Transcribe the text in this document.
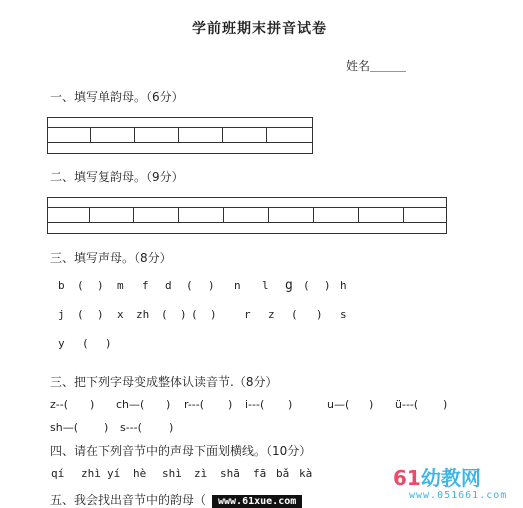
学前班期末拼音试卷
姓名＿＿＿
一、填写单韵母。（6分）
二、填写复韵母。（9分）
三、填写声母。（8分）
b ( ) m f d ( ) n l g ( ) h
j ( ) x zh ( ) ( ) r z ( ) s
y ( )
三、把下列字母变成整体认读音节.（8分）
z--( ) ch—( ) r---( ) i---( )	u—( ) ü---( )
sh—( ) s---( )
四、请在下列音节中的声母下面划横线。（10分）
qí zhì yí hè shì zì shā fā bǎ kà
五、我会找出音节中的韵母（
61幼教网
www.051661.com
www.61xue.com
